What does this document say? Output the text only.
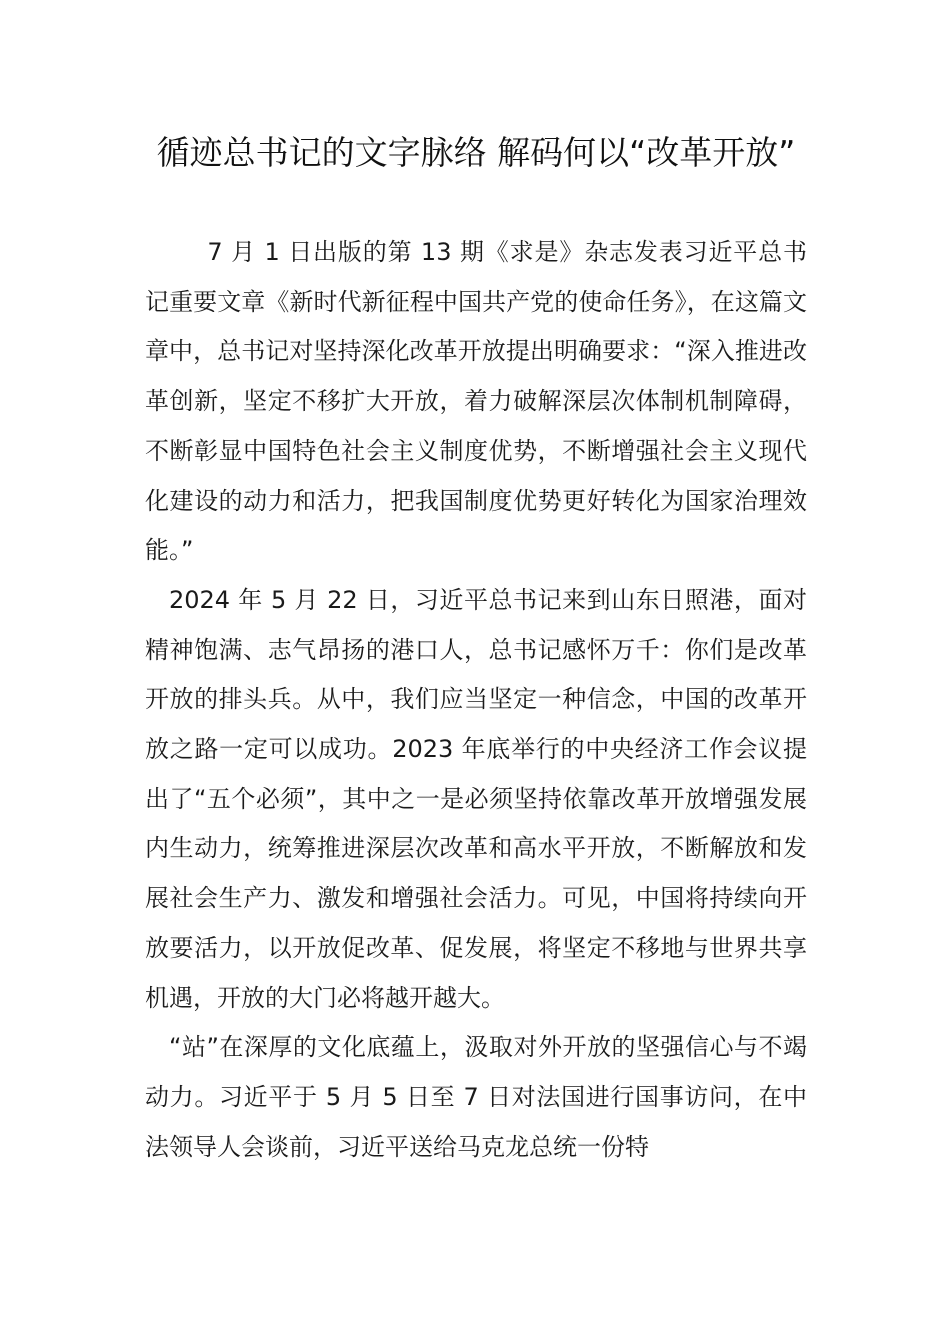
循迹总书记的文字脉络 解码何以“改革开放”

7 月 1 日出版的第 13 期《求是》杂志发表习近平总书记重要文章《新时代新征程中国共产党的使命任务》，在这篇文章中，总书记对坚持深化改革开放提出明确要求：“深入推进改革创新，坚定不移扩大开放，着力破解深层次体制机制障碍，不断彰显中国特色社会主义制度优势，不断增强社会主义现代化建设的动力和活力，把我国制度优势更好转化为国家治理效能。”

2024 年 5 月 22 日，习近平总书记来到山东日照港，面对精神饱满、志气昂扬的港口人，总书记感怀万千：你们是改革开放的排头兵。从中，我们应当坚定一种信念，中国的改革开放之路一定可以成功。2023 年底举行的中央经济工作会议提出了“五个必须”，其中之一是必须坚持依靠改革开放增强发展内生动力，统筹推进深层次改革和高水平开放，不断解放和发展社会生产力、激发和增强社会活力。可见，中国将持续向开放要活力，以开放促改革、促发展，将坚定不移地与世界共享机遇，开放的大门必将越开越大。

“站”在深厚的文化底蕴上，汲取对外开放的坚强信心与不竭动力。习近平于 5 月 5 日至 7 日对法国进行国事访问，在中法领导人会谈前，习近平送给马克龙总统一份特
